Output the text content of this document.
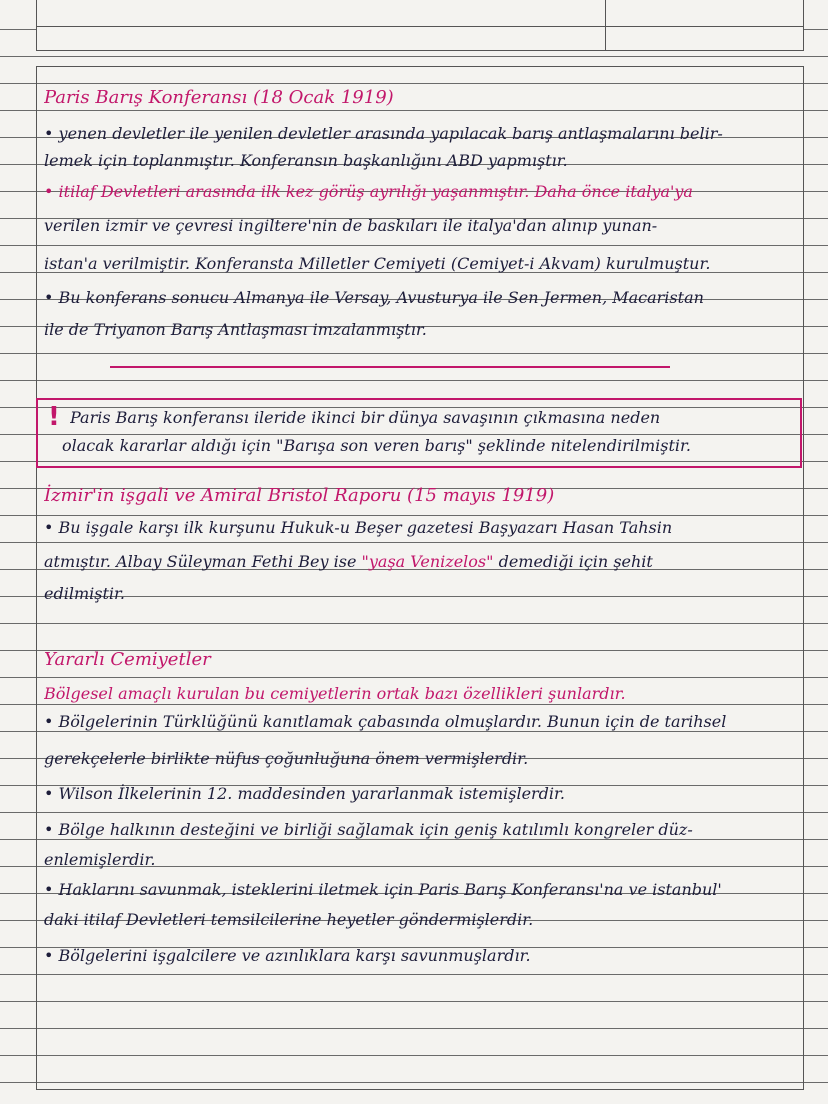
Paris Barış Konferansı (18 Ocak 1919)
• yenen devletler ile yenilen devletler arasında yapılacak barış antlaşmalarını belir-
lemek için toplanmıştır. Konferansın başkanlığını ABD yapmıştır.
• itilaf Devletleri arasında ilk kez görüş ayrılığı yaşanmıştır. Daha önce italya'ya
verilen izmir ve çevresi ingiltere'nin de baskıları ile italya'dan alınıp yunan-
istan'a verilmiştir. Konferansta Milletler Cemiyeti (Cemiyet-i Akvam) kurulmuştur.
• Bu konferans sonucu Almanya ile Versay, Avusturya ile Sen Jermen, Macaristan
ile de Triyanon Barış Antlaşması imzalanmıştır.
! Paris Barış konferansı ileride ikinci bir dünya savaşının çıkmasına neden
olacak kararlar aldığı için "Barışa son veren barış" şeklinde nitelendirilmiştir.
İzmir'in işgali ve Amiral Bristol Raporu (15 mayıs 1919)
• Bu işgale karşı ilk kurşunu Hukuk-u Beşer gazetesi Başyazarı Hasan Tahsin
atmıştır. Albay Süleyman Fethi Bey ise "yaşa Venizelos" demediği için şehit
edilmiştir.
Yararlı Cemiyetler
Bölgesel amaçlı kurulan bu cemiyetlerin ortak bazı özellikleri şunlardır.
• Bölgelerinin Türklüğünü kanıtlamak çabasında olmuşlardır. Bunun için de tarihsel
gerekçelerle birlikte nüfus çoğunluğuna önem vermişlerdir.
• Wilson İlkelerinin 12. maddesinden yararlanmak istemişlerdir.
• Bölge halkının desteğini ve birliği sağlamak için geniş katılımlı kongreler düz-
enlemişlerdir.
• Haklarını savunmak, isteklerini iletmek için Paris Barış Konferansı'na ve istanbul'
daki itilaf Devletleri temsilcilerine heyetler göndermişlerdir.
• Bölgelerini işgalcilere ve azınlıklara karşı savunmuşlardır.
